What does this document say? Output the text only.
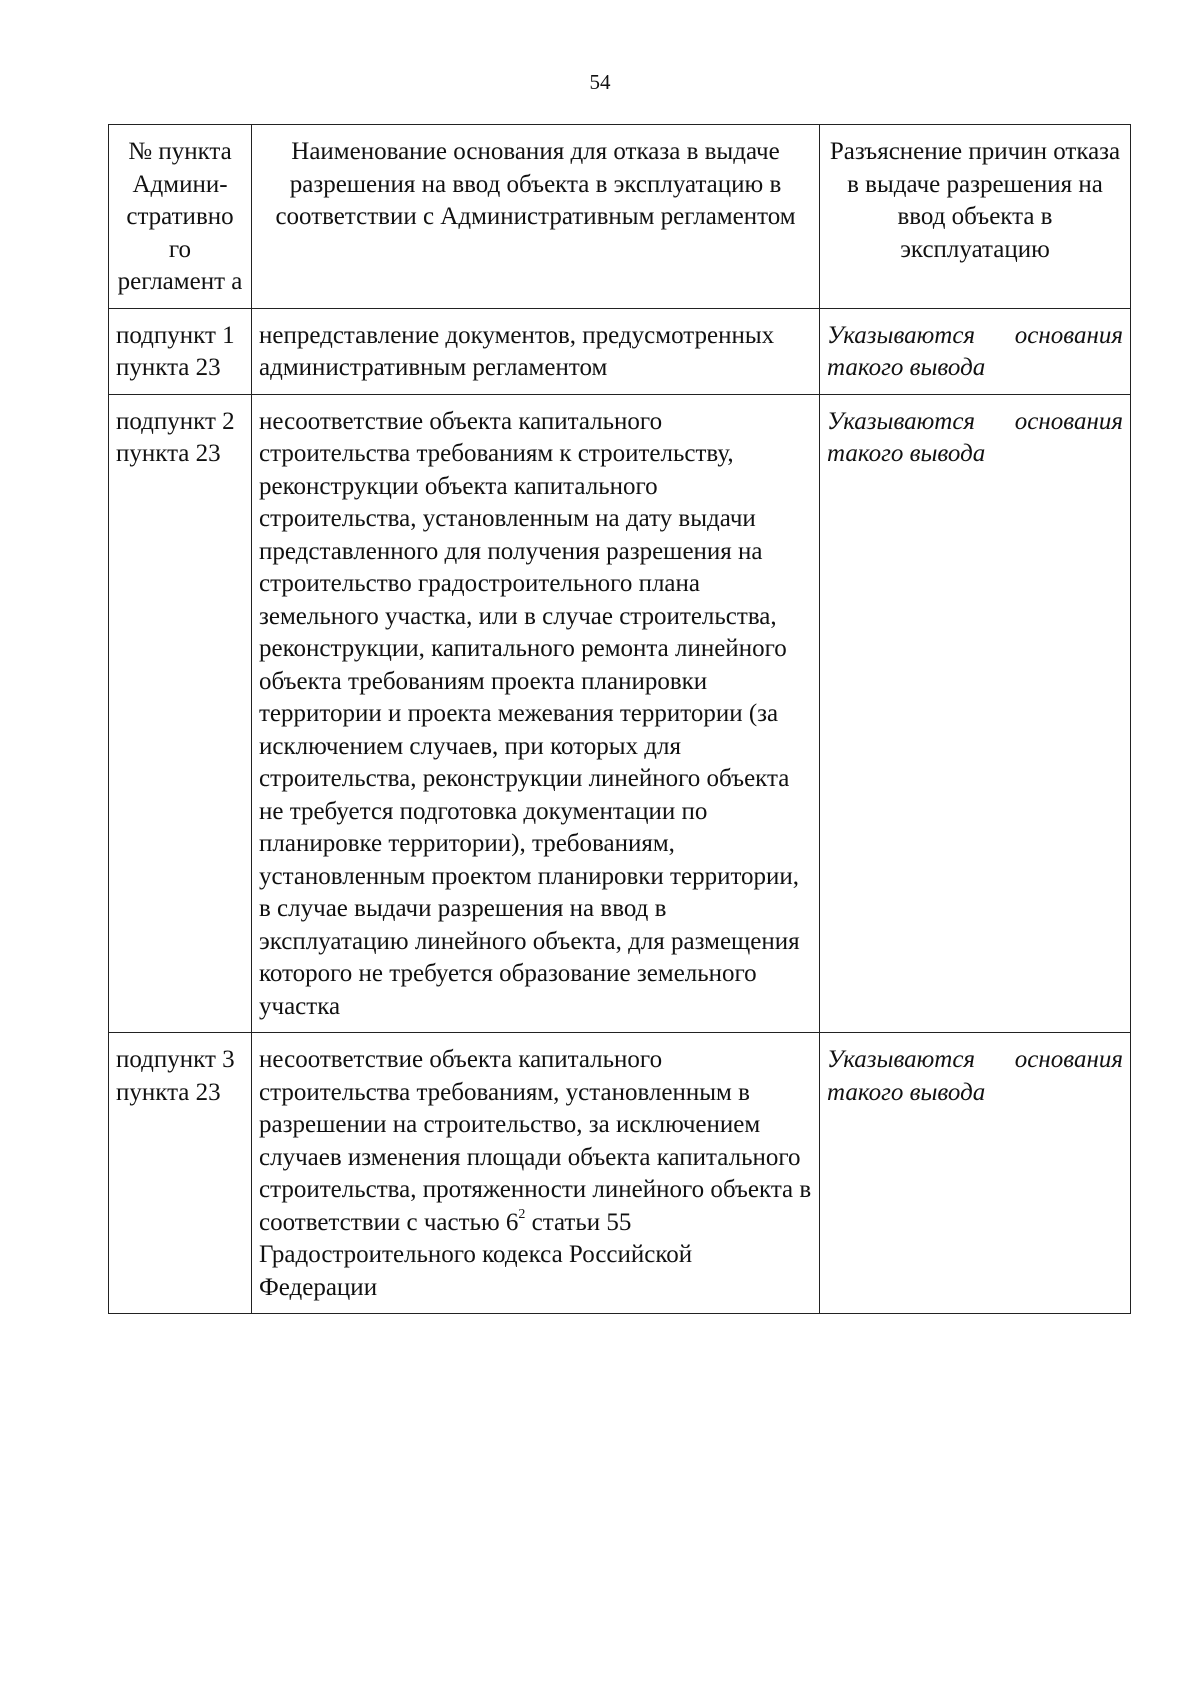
54
№ пункта Админи-стративно го регламент а	Наименование основания для отказа в выдаче разрешения на ввод объекта в эксплуатацию в соответствии с Административным регламентом	Разъяснение причин отказа в выдаче разрешения на ввод объекта в эксплуатацию
подпункт 1 пункта 23	непредставление документов, предусмотренных административным регламентом	Указываются основания такого вывода
подпункт 2 пункта 23	несоответствие объекта капитального строительства требованиям к строительству, реконструкции объекта капитального строительства, установленным на дату выдачи представленного для получения разрешения на строительство градостроительного плана земельного участка, или в случае строительства, реконструкции, капитального ремонта линейного объекта требованиям проекта планировки территории и проекта межевания территории (за исключением случаев, при которых для строительства, реконструкции линейного объекта не требуется подготовка документации по планировке территории), требованиям, установленным проектом планировки территории, в случае выдачи разрешения на ввод в эксплуатацию линейного объекта, для размещения которого не требуется образование земельного участка	Указываются основания такого вывода
подпункт 3 пункта 23	несоответствие объекта капитального строительства требованиям, установленным в разрешении на строительство, за исключением случаев изменения площади объекта капитального строительства, протяженности линейного объекта в соответствии с частью $6^2$ статьи 55 Градостроительного кодекса Российской Федерации	Указываются основания такого вывода
